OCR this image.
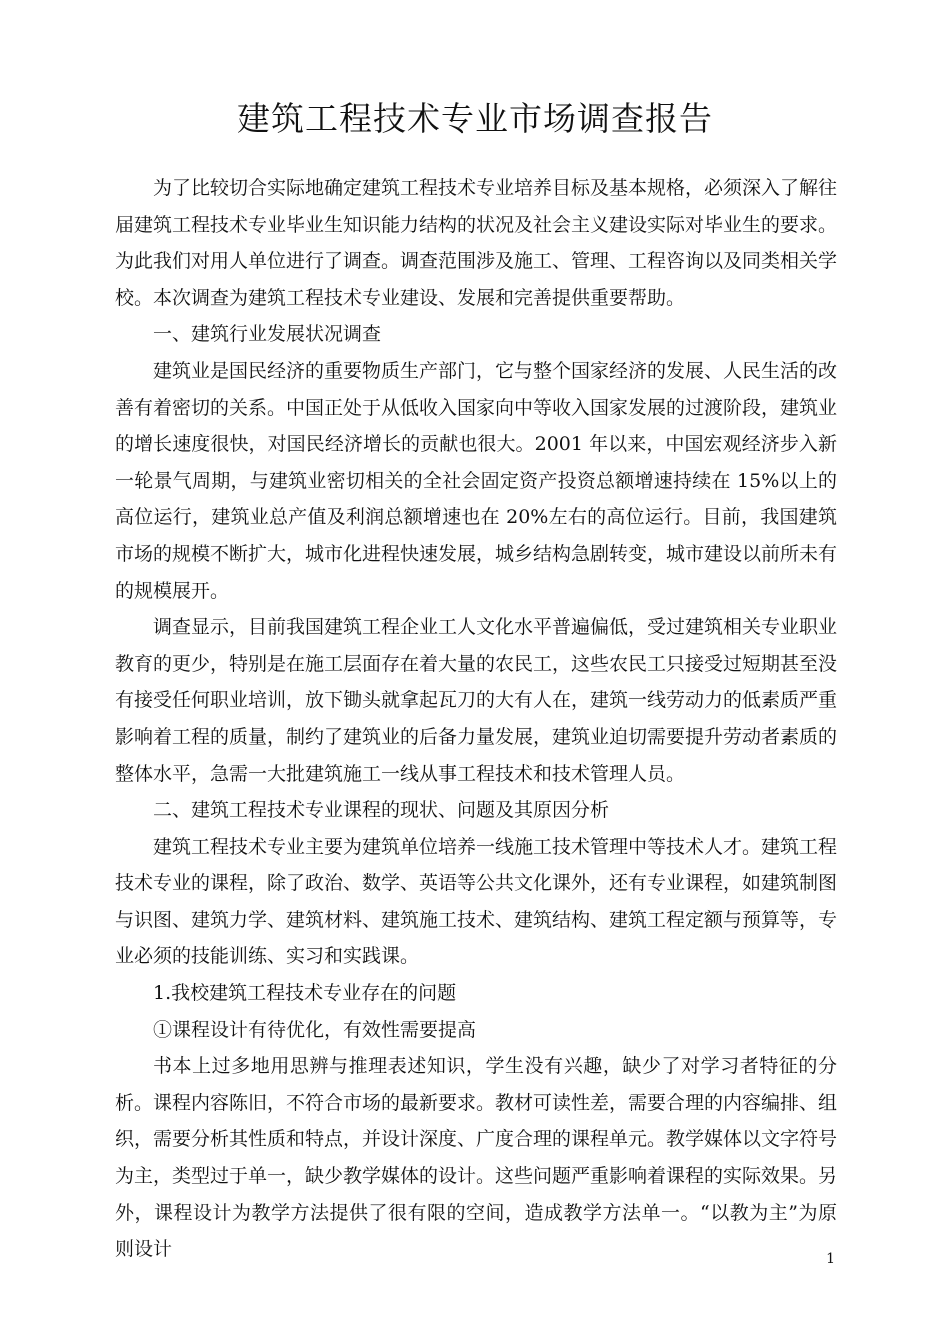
建筑工程技术专业市场调查报告

为了比较切合实际地确定建筑工程技术专业培养目标及基本规格，必须深入了解往届建筑工程技术专业毕业生知识能力结构的状况及社会主义建设实际对毕业生的要求。为此我们对用人单位进行了调查。调查范围涉及施工、管理、工程咨询以及同类相关学校。本次调查为建筑工程技术专业建设、发展和完善提供重要帮助。

一、建筑行业发展状况调查

建筑业是国民经济的重要物质生产部门，它与整个国家经济的发展、人民生活的改善有着密切的关系。中国正处于从低收入国家向中等收入国家发展的过渡阶段，建筑业的增长速度很快，对国民经济增长的贡献也很大。2001 年以来，中国宏观经济步入新一轮景气周期，与建筑业密切相关的全社会固定资产投资总额增速持续在 15%以上的高位运行，建筑业总产值及利润总额增速也在 20%左右的高位运行。目前，我国建筑市场的规模不断扩大，城市化进程快速发展，城乡结构急剧转变，城市建设以前所未有的规模展开。

调查显示，目前我国建筑工程企业工人文化水平普遍偏低，受过建筑相关专业职业教育的更少，特别是在施工层面存在着大量的农民工，这些农民工只接受过短期甚至没有接受任何职业培训，放下锄头就拿起瓦刀的大有人在，建筑一线劳动力的低素质严重影响着工程的质量，制约了建筑业的后备力量发展，建筑业迫切需要提升劳动者素质的整体水平，急需一大批建筑施工一线从事工程技术和技术管理人员。

二、建筑工程技术专业课程的现状、问题及其原因分析

建筑工程技术专业主要为建筑单位培养一线施工技术管理中等技术人才。建筑工程技术专业的课程，除了政治、数学、英语等公共文化课外，还有专业课程，如建筑制图与识图、建筑力学、建筑材料、建筑施工技术、建筑结构、建筑工程定额与预算等，专业必须的技能训练、实习和实践课。

1.我校建筑工程技术专业存在的问题

①课程设计有待优化，有效性需要提高

书本上过多地用思辨与推理表述知识，学生没有兴趣，缺少了对学习者特征的分析。课程内容陈旧，不符合市场的最新要求。教材可读性差，需要合理的内容编排、组织，需要分析其性质和特点，并设计深度、广度合理的课程单元。教学媒体以文字符号为主，类型过于单一，缺少教学媒体的设计。这些问题严重影响着课程的实际效果。另外，课程设计为教学方法提供了很有限的空间，造成教学方法单一。“以教为主”为原则设计	1
